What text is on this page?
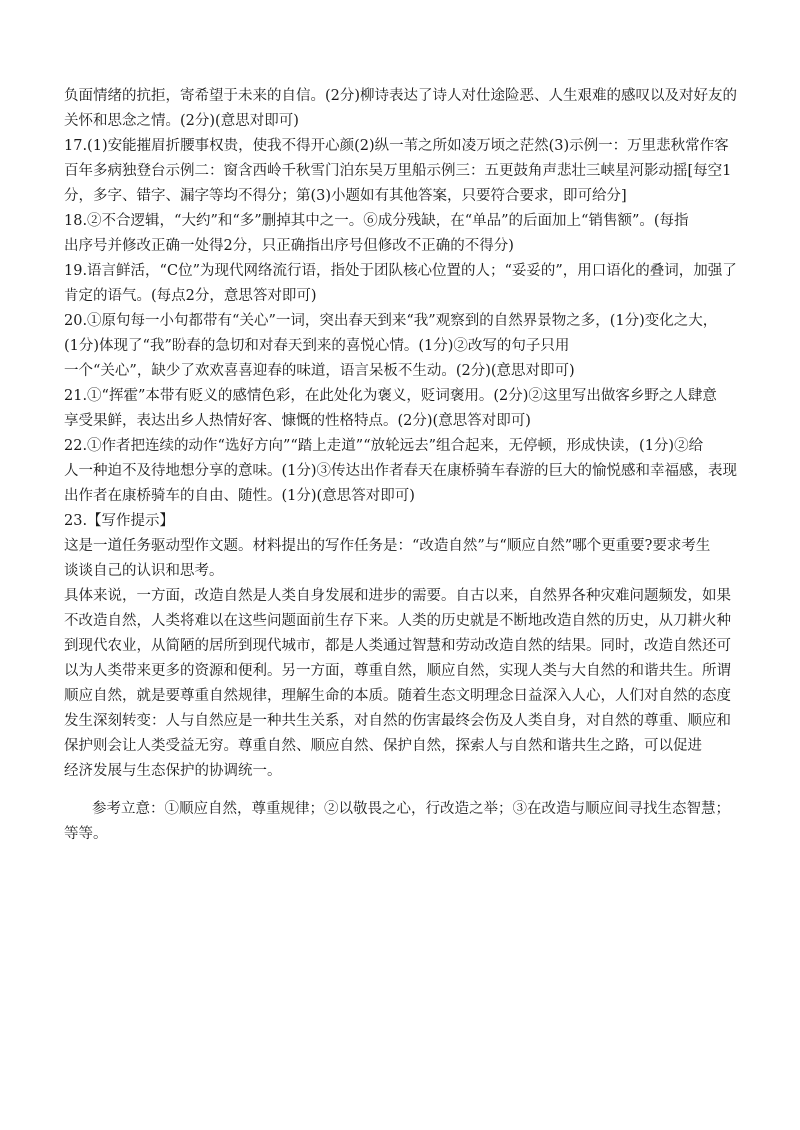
负面情绪的抗拒，寄希望于未来的自信。(2分)柳诗表达了诗人对仕途险恶、人生艰难的感叹以及对好友的
关怀和思念之情。(2分)(意思对即可)
17.(1)安能摧眉折腰事权贵，使我不得开心颜(2)纵一苇之所如凌万顷之茫然(3)示例一：万里悲秋常作客
百年多病独登台示例二：窗含西岭千秋雪门泊东吴万里船示例三：五更鼓角声悲壮三峡星河影动摇[每空1
分，多字、错字、漏字等均不得分；第(3)小题如有其他答案，只要符合要求，即可给分]
18.②不合逻辑，“大约”和“多”删掉其中之一。⑥成分残缺，在“单品”的后面加上“销售额”。(每指
出序号并修改正确一处得2分，只正确指出序号但修改不正确的不得分)
19.语言鲜活，“C位”为现代网络流行语，指处于团队核心位置的人；“妥妥的”，用口语化的叠词，加强了
肯定的语气。(每点2分，意思答对即可)
20.①原句每一小句都带有“关心”一词，突出春天到来“我”观察到的自然界景物之多，(1分)变化之大，
(1分)体现了“我”盼春的急切和对春天到来的喜悦心情。(1分)②改写的句子只用
一个“关心”，缺少了欢欢喜喜迎春的味道，语言呆板不生动。(2分)(意思对即可)
21.①“挥霍”本带有贬义的感情色彩，在此处化为褒义，贬词褒用。(2分)②这里写出做客乡野之人肆意
享受果鲜，表达出乡人热情好客、慷慨的性格特点。(2分)(意思答对即可)
22.①作者把连续的动作“选好方向”“踏上走道”“放轮远去”组合起来，无停顿，形成快读，(1分)②给
人一种迫不及待地想分享的意味。(1分)③传达出作者春天在康桥骑车春游的巨大的愉悦感和幸福感，表现
出作者在康桥骑车的自由、随性。(1分)(意思答对即可)
23.【写作提示】
这是一道任务驱动型作文题。材料提出的写作任务是：“改造自然”与“顺应自然”哪个更重要?要求考生
谈谈自己的认识和思考。
具体来说，一方面，改造自然是人类自身发展和进步的需要。自古以来，自然界各种灾难问题频发，如果
不改造自然，人类将难以在这些问题面前生存下来。人类的历史就是不断地改造自然的历史，从刀耕火种
到现代农业，从简陋的居所到现代城市，都是人类通过智慧和劳动改造自然的结果。同时，改造自然还可
以为人类带来更多的资源和便利。另一方面，尊重自然，顺应自然，实现人类与大自然的和谐共生。所谓
顺应自然，就是要尊重自然规律，理解生命的本质。随着生态文明理念日益深入人心，人们对自然的态度
发生深刻转变：人与自然应是一种共生关系，对自然的伤害最终会伤及人类自身，对自然的尊重、顺应和
保护则会让人类受益无穷。尊重自然、顺应自然、保护自然，探索人与自然和谐共生之路，可以促进
经济发展与生态保护的协调统一。
参考立意：①顺应自然，尊重规律；②以敬畏之心，行改造之举；③在改造与顺应间寻找生态智慧；
等等。
